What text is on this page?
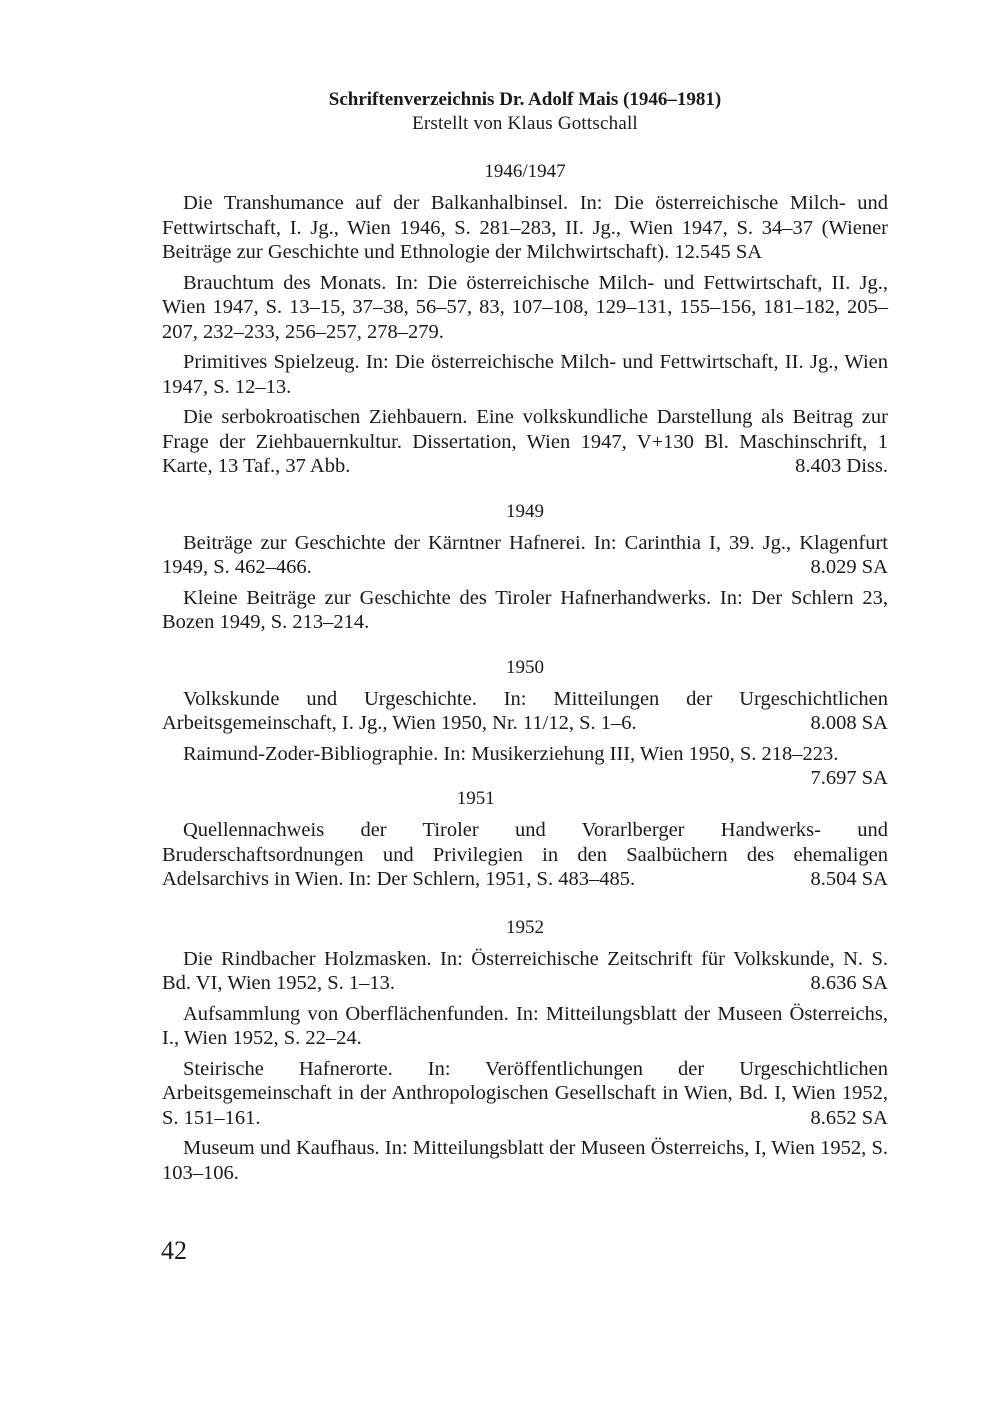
Schriftenverzeichnis Dr. Adolf Mais (1946–1981)
Erstellt von Klaus Gottschall
1946/1947
Die Transhumance auf der Balkanhalbinsel. In: Die österreichische Milch- und Fettwirtschaft, I. Jg., Wien 1946, S. 281–283, II. Jg., Wien 1947, S. 34–37 (Wiener Beiträge zur Geschichte und Ethnologie der Milchwirtschaft). 12.545 SA
Brauchtum des Monats. In: Die österreichische Milch- und Fettwirtschaft, II. Jg., Wien 1947, S. 13–15, 37–38, 56–57, 83, 107–108, 129–131, 155–156, 181–182, 205–207, 232–233, 256–257, 278–279.
Primitives Spielzeug. In: Die österreichische Milch- und Fettwirtschaft, II. Jg., Wien 1947, S. 12–13.
Die serbokroatischen Ziehbauern. Eine volkskundliche Darstellung als Beitrag zur Frage der Ziehbauernkultur. Dissertation, Wien 1947, V+130 Bl. Maschinschrift, 1 Karte, 13 Taf., 37 Abb.	8.403 Diss.
1949
Beiträge zur Geschichte der Kärntner Hafnerei. In: Carinthia I, 39. Jg., Klagenfurt 1949, S. 462–466.	8.029 SA
Kleine Beiträge zur Geschichte des Tiroler Hafnerhandwerks. In: Der Schlern 23, Bozen 1949, S. 213–214.
1950
Volkskunde und Urgeschichte. In: Mitteilungen der Urgeschichtlichen Arbeitsgemeinschaft, I. Jg., Wien 1950, Nr. 11/12, S. 1–6.	8.008 SA
Raimund-Zoder-Bibliographie. In: Musikerziehung III, Wien 1950, S. 218–223.
7.697 SA
1951
Quellennachweis der Tiroler und Vorarlberger Handwerks- und Bruderschaftsordnungen und Privilegien in den Saalbüchern des ehemaligen Adelsarchivs in Wien. In: Der Schlern, 1951, S. 483–485.	8.504 SA
1952
Die Rindbacher Holzmasken. In: Österreichische Zeitschrift für Volkskunde, N. S. Bd. VI, Wien 1952, S. 1–13.	8.636 SA
Aufsammlung von Oberflächenfunden. In: Mitteilungsblatt der Museen Österreichs, I., Wien 1952, S. 22–24.
Steirische Hafnerorte. In: Veröffentlichungen der Urgeschichtlichen Arbeitsgemeinschaft in der Anthropologischen Gesellschaft in Wien, Bd. I, Wien 1952, S. 151–161.	8.652 SA
Museum und Kaufhaus. In: Mitteilungsblatt der Museen Österreichs, I, Wien 1952, S. 103–106.
42
